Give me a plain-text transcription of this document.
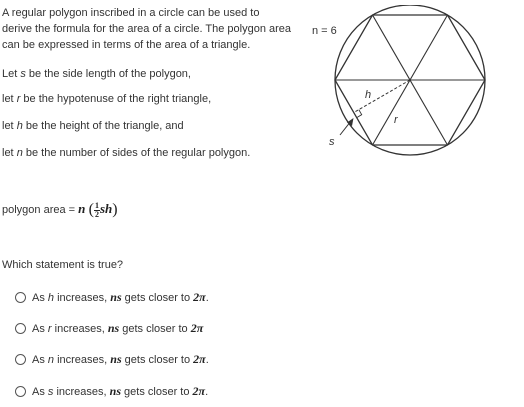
A regular polygon inscribed in a circle can be used to derive the formula for the area of a circle. The polygon area can be expressed in terms of the area of a triangle.
Let s be the side length of the polygon,
let r be the hypotenuse of the right triangle,
let h be the height of the triangle, and
let n be the number of sides of the regular polygon.
polygon area = n ( $\frac{1}{2} sh$)
Which statement is true?
As h increases, ns gets closer to 2π.
As r increases, ns gets closer to 2π
As n increases, ns gets closer to 2π.
As s increases, ns gets closer to 2π.
n = 6
h
r
s
